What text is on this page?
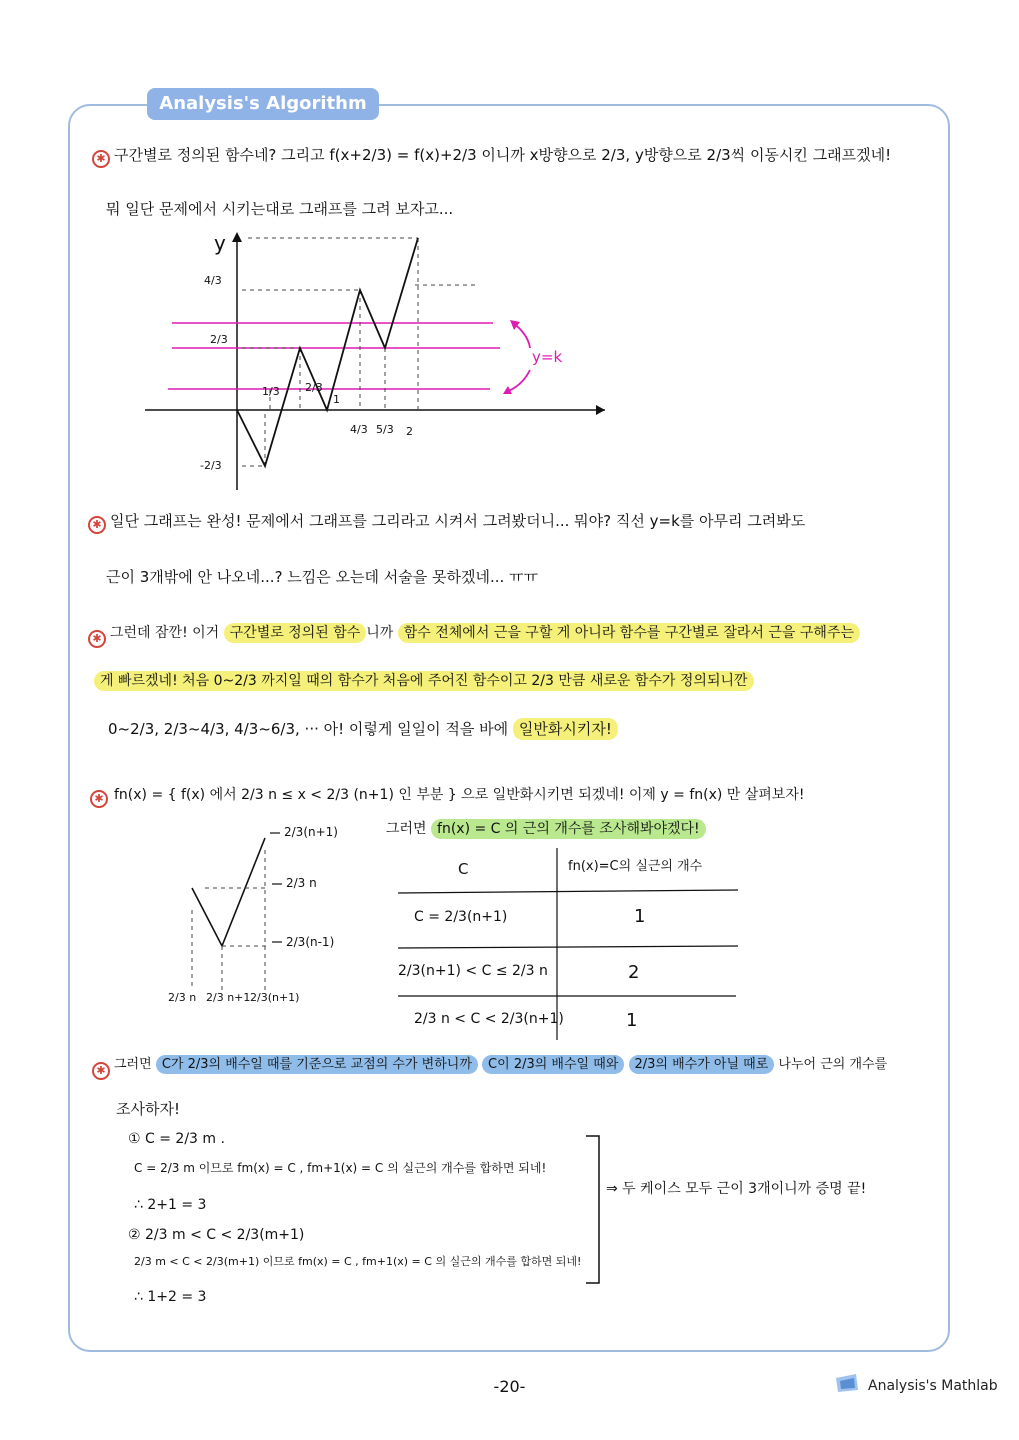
Analysis's Algorithm
✱ 구간별로 정의된 함수네? 그리고 f(x+2/3) = f(x)+2/3 이니까 x방향으로 2/3, y방향으로 2/3씩 이동시킨 그래프겠네!
뭐 일단 문제에서 시키는대로 그래프를 그려 보자고...
y
4/3
2/3
1/3
-2/3
2/3
1
4/3 5/3 2
y=k
✱ 일단 그래프는 완성! 문제에서 그래프를 그리라고 시켜서 그려봤더니... 뭐야? 직선 y=k를 아무리 그려봐도
근이 3개밖에 안 나오네...? 느낌은 오는데 서술을 못하겠네... ㅠㅠ
✱ 그런데 잠깐! 이거 구간별로 정의된 함수 니까 함수 전체에서 근을 구할 게 아니라 함수를 구간별로 잘라서 근을 구해주는
게 빠르겠네! 처음 0~2/3 까지일 때의 함수가 처음에 주어진 함수이고 2/3 만큼 새로운 함수가 정의되니깐
0~2/3, 2/3~4/3, 4/3~6/3, ··· 아! 이렇게 일일이 적을 바에 일반화시키자!
✱ fn(x) = { f(x) 에서 2/3 n ≤ x < 2/3 (n+1) 인 부분 } 으로 일반화시키면 되겠네! 이제 y = fn(x) 만 살펴보자!
2/3(n+1)
2/3 n
2/3(n-1)
2/3 n 2/3 n+1 2/3(n+1)
그러면 fn(x) = C 의 근의 개수를 조사해봐야겠다!
C	fn(x)=C의 실근의 개수
C = 2/3(n+1)	1
2/3(n+1) < C ≤ 2/3 n	2
2/3 n < C < 2/3(n+1)	1
✱ 그러면 C가 2/3의 배수일 때를 기준으로 교점의 수가 변하니까 C이 2/3의 배수일 때와 2/3의 배수가 아닐 때로 나누어 근의 개수를
조사하자!
① C = 2/3 m .
C = 2/3 m 이므로 fm(x) = C , fm+1(x) = C 의 실근의 개수를 합하면 되네!
∴ 2+1 = 3
② 2/3 m < C < 2/3(m+1)
2/3 m < C < 2/3(m+1) 이므로 fm(x) = C , fm+1(x) = C 의 실근의 개수를 합하면 되네!
∴ 1+2 = 3
⇒ 두 케이스 모두 근이 3개이니까 증명 끝!
-20-	Analysis's Mathlab
